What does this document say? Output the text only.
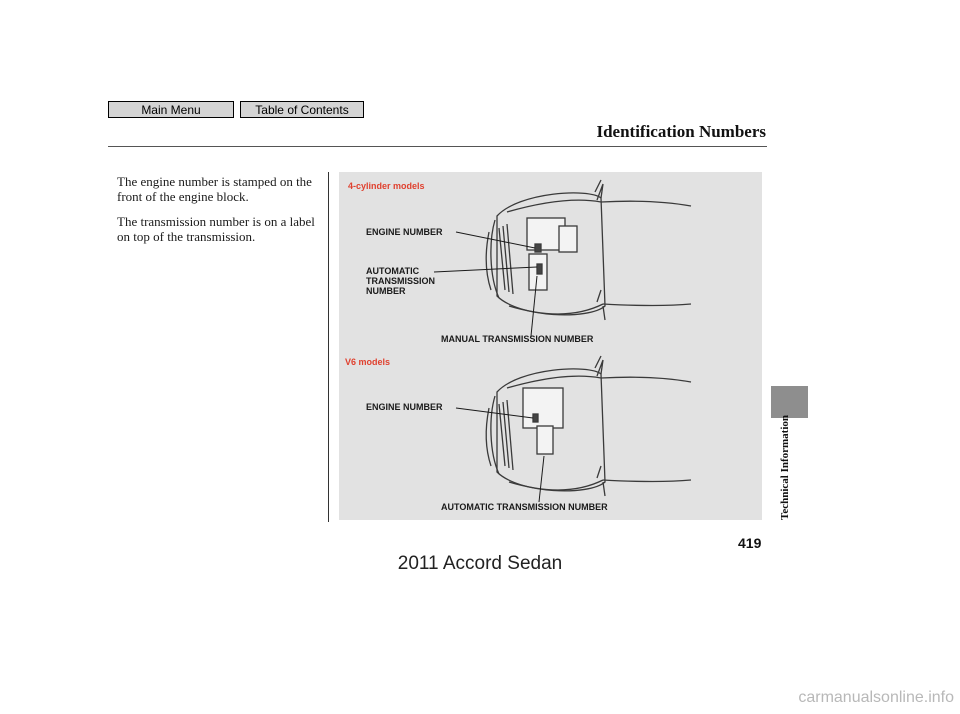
Main Menu	Table of Contents
Identification Numbers

The engine number is stamped on the front of the engine block.

The transmission number is on a label on top of the transmission.

4-cylinder models
ENGINE NUMBER
AUTOMATIC
TRANSMISSION
NUMBER
MANUAL TRANSMISSION NUMBER
V6 models
ENGINE NUMBER
AUTOMATIC TRANSMISSION NUMBER	Technical Information
419
2011 Accord Sedan
carmanualsonline.info
